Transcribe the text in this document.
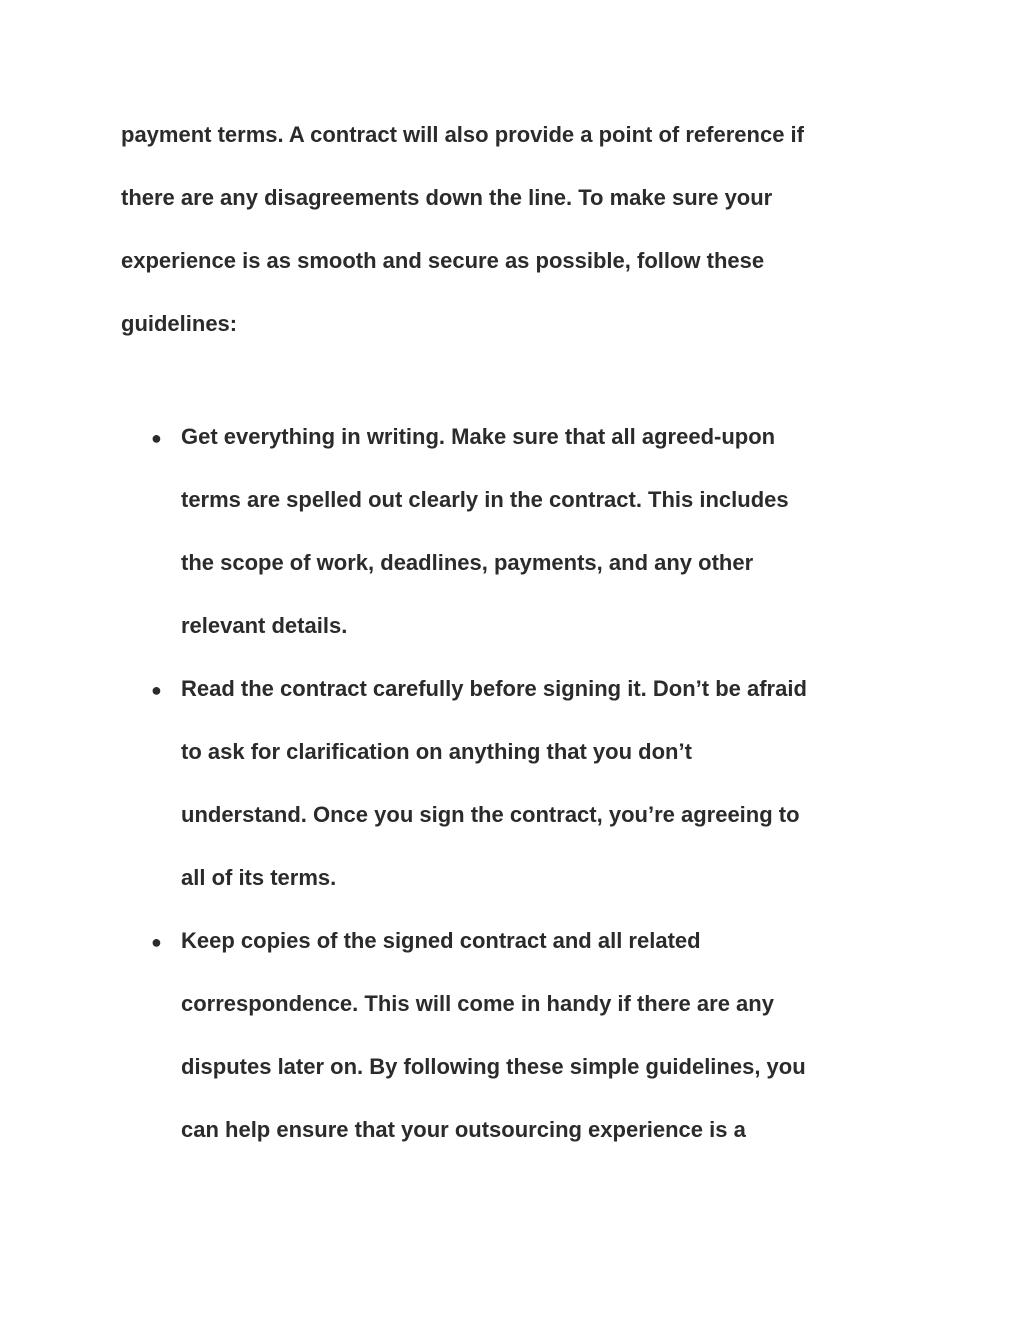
payment terms. A contract will also provide a point of reference if

there are any disagreements down the line. To make sure your

experience is as smooth and secure as possible, follow these

guidelines:

● Get everything in writing. Make sure that all agreed-upon

terms are spelled out clearly in the contract. This includes

the scope of work, deadlines, payments, and any other

relevant details.

● Read the contract carefully before signing it. Don’t be afraid

to ask for clarification on anything that you don’t

understand. Once you sign the contract, you’re agreeing to

all of its terms.

● Keep copies of the signed contract and all related

correspondence. This will come in handy if there are any

disputes later on. By following these simple guidelines, you

can help ensure that your outsourcing experience is a
